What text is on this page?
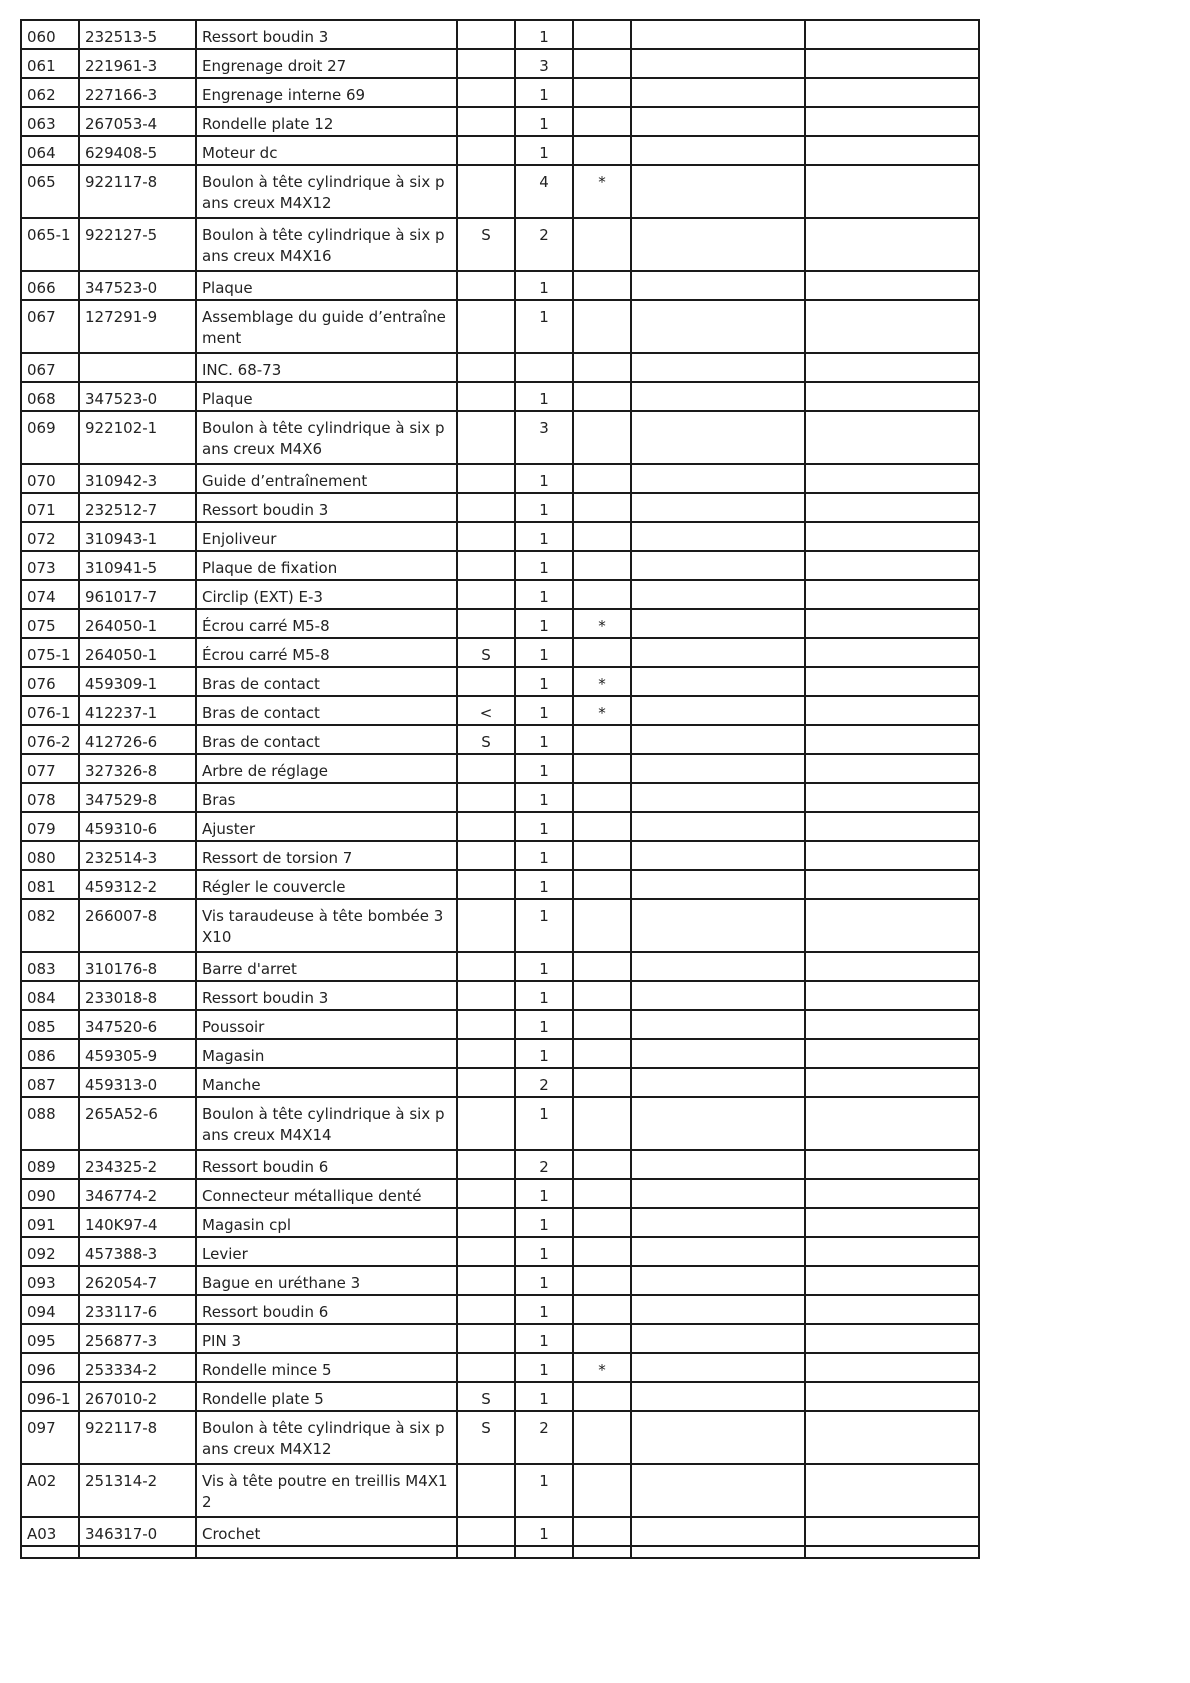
060	232513-5	Ressort boudin 3		1			
061	221961-3	Engrenage droit 27		3			
062	227166-3	Engrenage interne 69		1			
063	267053-4	Rondelle plate 12		1			
064	629408-5	Moteur dc		1			
065	922117-8	Boulon à tête cylindrique à six pans creux M4X12		4	*		
065-1	922127-5	Boulon à tête cylindrique à six pans creux M4X16	S	2			
066	347523-0	Plaque		1			
067	127291-9	Assemblage du guide d’entraînement		1			
067		INC. 68-73					
068	347523-0	Plaque		1			
069	922102-1	Boulon à tête cylindrique à six pans creux M4X6		3			
070	310942-3	Guide d’entraînement		1			
071	232512-7	Ressort boudin 3		1			
072	310943-1	Enjoliveur		1			
073	310941-5	Plaque de fixation		1			
074	961017-7	Circlip (EXT) E-3		1			
075	264050-1	Écrou carré M5-8		1	*		
075-1	264050-1	Écrou carré M5-8	S	1			
076	459309-1	Bras de contact		1	*		
076-1	412237-1	Bras de contact	<	1	*		
076-2	412726-6	Bras de contact	S	1			
077	327326-8	Arbre de réglage		1			
078	347529-8	Bras		1			
079	459310-6	Ajuster		1			
080	232514-3	Ressort de torsion 7		1			
081	459312-2	Régler le couvercle		1			
082	266007-8	Vis taraudeuse à tête bombée 3X10		1			
083	310176-8	Barre d'arret		1			
084	233018-8	Ressort boudin 3		1			
085	347520-6	Poussoir		1			
086	459305-9	Magasin		1			
087	459313-0	Manche		2			
088	265A52-6	Boulon à tête cylindrique à six pans creux M4X14		1			
089	234325-2	Ressort boudin 6		2			
090	346774-2	Connecteur métallique denté		1			
091	140K97-4	Magasin cpl		1			
092	457388-3	Levier		1			
093	262054-7	Bague en uréthane 3		1			
094	233117-6	Ressort boudin 6		1			
095	256877-3	PIN 3		1			
096	253334-2	Rondelle mince 5		1	*		
096-1	267010-2	Rondelle plate 5	S	1			
097	922117-8	Boulon à tête cylindrique à six pans creux M4X12	S	2			
A02	251314-2	Vis à tête poutre en treillis M4X12		1			
A03	346317-0	Crochet		1			
